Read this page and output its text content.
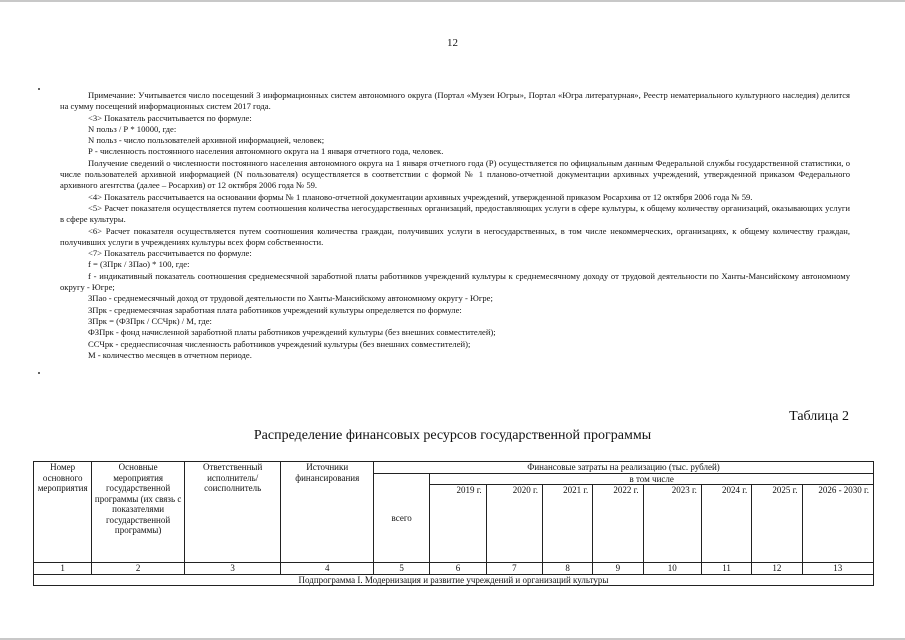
12

Примечание: Учитывается число посещений 3 информационных систем автономного округа (Портал «Музеи Югры», Портал «Югра литературная», Реестр нематериального культурного наследия) делится на сумму посещений информационных систем 2017 года.

<3> Показатель рассчитывается по формуле:

N польз / Р * 10000, где:

N польз - число пользователей архивной информацией, человек;

Р - численность постоянного населения автономного округа на 1 января отчетного года, человек.

Получение сведений о численности постоянного населения автономного округа на 1 января отчетного года (Р) осуществляется по официальным данным Федеральной службы государственной статистики, о числе пользователей архивной информацией (N пользователя) осуществляется в соответствии с формой № 1 планово-отчетной документации архивных учреждений, утвержденной приказом Федерального архивного агентства (далее – Росархив) от 12 октября 2006 года № 59.

<4> Показатель рассчитывается на основании формы № 1 планово-отчетной документации архивных учреждений, утвержденной приказом Росархива от 12 октября 2006 года № 59.

<5> Расчет показателя осуществляется путем соотношения количества негосударственных организаций, предоставляющих услуги в сфере культуры, к общему количеству организаций, оказывающих услуги в сфере культуры.

<6> Расчет показателя осуществляется путем соотношения количества граждан, получивших услуги в негосударственных, в том числе некоммерческих, организациях, к общему количеству граждан, получивших услуги в учреждениях культуры всех форм собственности.

<7> Показатель рассчитывается по формуле:

f = (ЗПрк / ЗПао) * 100, где:

f - индикативный показатель соотношения среднемесячной заработной платы работников учреждений культуры к среднемесячному доходу от трудовой деятельности по Ханты-Мансийскому автономному округу - Югре;

ЗПао - среднемесячный доход от трудовой деятельности по Ханты-Мансийскому автономному округу - Югре;

ЗПрк - среднемесячная заработная плата работников учреждений культуры определяется по формуле:

ЗПрк = (ФЗПрк / ССЧрк) / М, где:

ФЗПрк - фонд начисленной заработной платы работников учреждений культуры (без внешних совместителей);

ССЧрк - среднесписочная численность работников учреждений культуры (без внешних совместителей);

М - количество месяцев в отчетном периоде.

Таблица 2
Распределение финансовых ресурсов государственной программы
Номер основного мероприятия	Основные мероприятия государственной программы (их связь с показателями государственной программы)	Ответственный исполнитель/ соисполнитель	Источники финансирования	Финансовые затраты на реализацию (тыс. рублей)								
				всего	в том числе							
					2019 г.	2020 г.	2021 г.	2022 г.	2023 г.	2024 г.	2025 г.	2026 - 2030 г.
1	2	3	4	5	6	7	8	9	10	11	12	13
Подпрограмма I. Модернизация и развитие учреждений и организаций культуры												
